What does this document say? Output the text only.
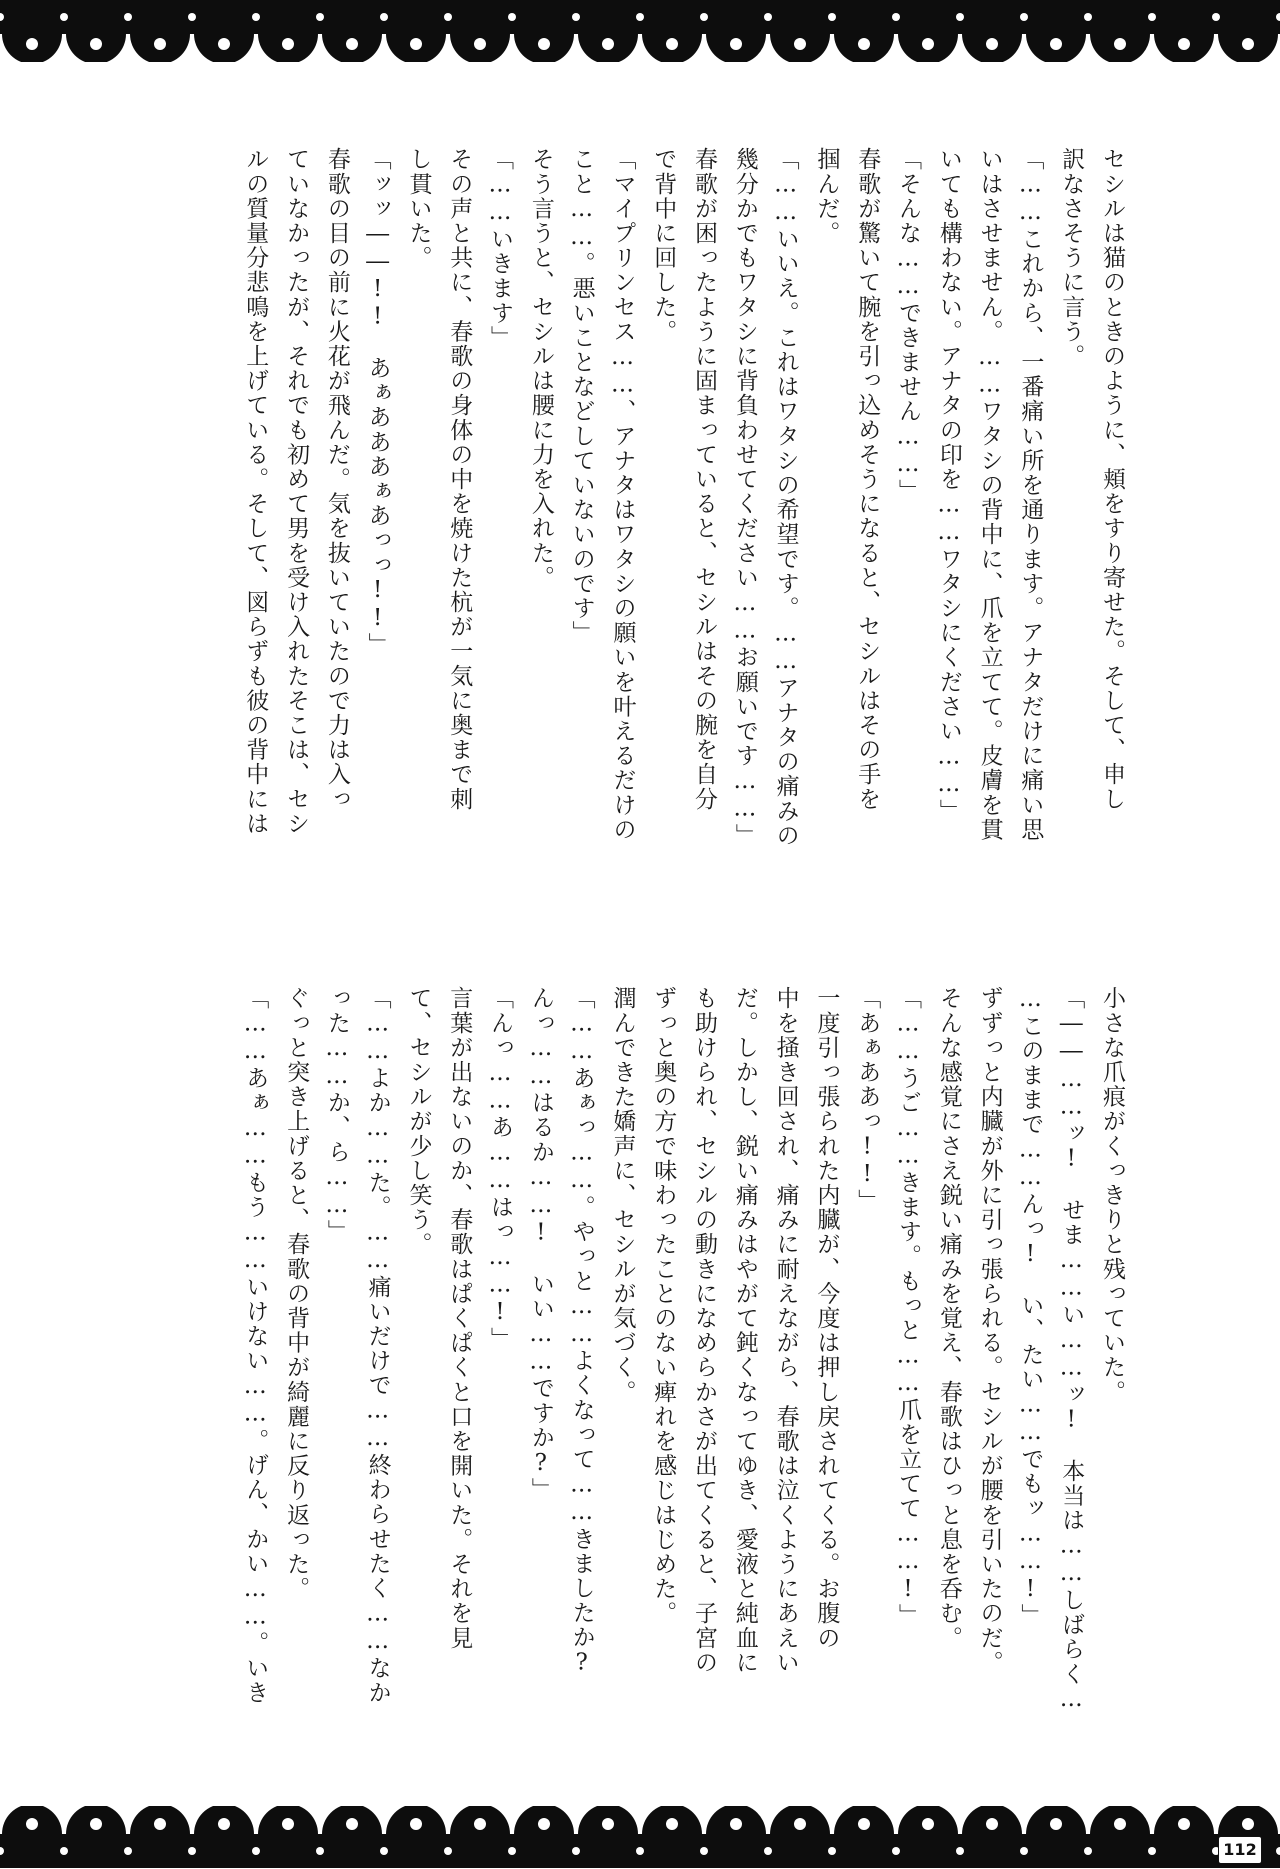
セシルは猫のときのように、頬をすり寄せた。そして、申し

訳なさそうに言う。

「……これから、一番痛い所を通ります。アナタだけに痛い思

いはさせません。……ワタシの背中に、爪を立てて。皮膚を貫

いても構わない。アナタの印を……ワタシにください……」

「そんな……できません……」

春歌が驚いて腕を引っ込めそうになると、セシルはその手を

掴んだ。

「……いいえ。これはワタシの希望です。……アナタの痛みの

幾分かでもワタシに背負わせてください……お願いです……」

春歌が困ったように固まっていると、セシルはその腕を自分

で背中に回した。

「マイプリンセス……、アナタはワタシの願いを叶えるだけの

こと……。悪いことなどしていないのです」

そう言うと、セシルは腰に力を入れた。

「……いきます」

その声と共に、春歌の身体の中を焼けた杭が一気に奥まで刺

し貫いた。

「ッッ――!!　あぁあああぁあっっ!!」

春歌の目の前に火花が飛んだ。気を抜いていたので力は入っ

ていなかったが、それでも初めて男を受け入れたそこは、セシ

ルの質量分悲鳴を上げている。そして、図らずも彼の背中には

小さな爪痕がくっきりと残っていた。

「――……ッ!　せま……い……ッ!　本当は……しばらく…

…このままで……んっ!　い、たい……でもッ……!」

ずずっと内臓が外に引っ張られる。セシルが腰を引いたのだ。

そんな感覚にさえ鋭い痛みを覚え、春歌はひっと息を呑む。

「……うご……きます。もっと……爪を立てて……!」

「あぁああっ!!」

一度引っ張られた内臓が、今度は押し戻されてくる。お腹の

中を掻き回され、痛みに耐えながら、春歌は泣くようにあえい

だ。しかし、鋭い痛みはやがて鈍くなってゆき、愛液と純血に

も助けられ、セシルの動きになめらかさが出てくると、子宮の

ずっと奥の方で味わったことのない痺れを感じはじめた。

潤んできた嬌声に、セシルが気づく。

「……あぁっ……。やっと……よくなって……きましたか?

んっ……はるか……!　いい……ですか?」

「んっ……あ……はっ……!」

言葉が出ないのか、春歌はぱくぱくと口を開いた。それを見

て、セシルが少し笑う。

「……よか……た。……痛いだけで……終わらせたく……なか

った……か、ら……」

ぐっと突き上げると、春歌の背中が綺麗に反り返った。

「……あぁ……もう……いけない……。げん、かい……。いき

112
